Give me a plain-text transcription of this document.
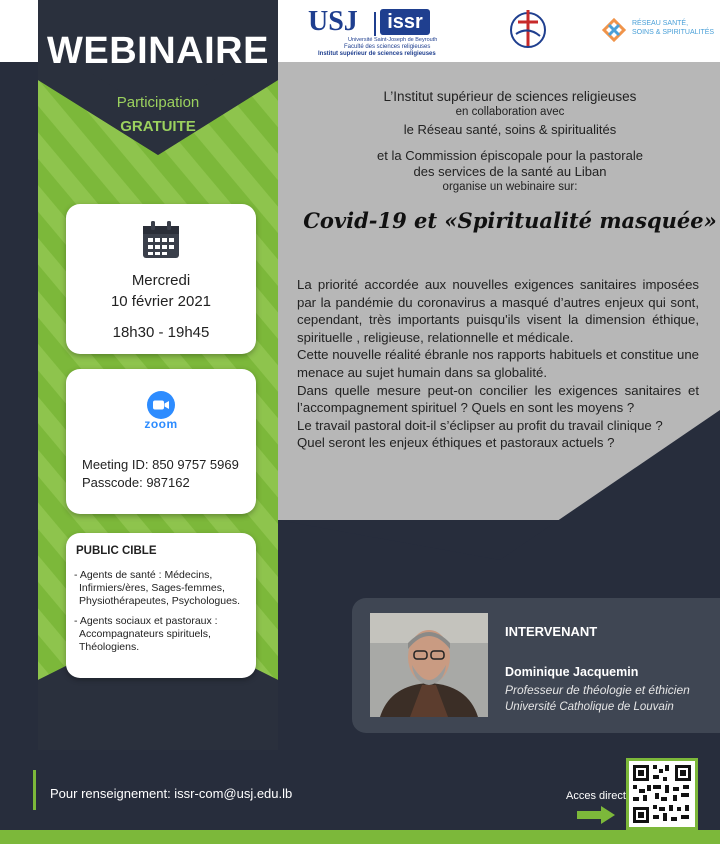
WEBINAIRE
Participation
GRATUITE
Mercredi
10 février 2021
18h30 - 19h45
zoom
Meeting ID: 850 9757 5969
Passcode: 987162
PUBLIC CIBLE
- Agents de santé : Médecins,
Infirmiers/ères, Sages-femmes,
Physiothérapeutes, Psychologues.
- Agents sociaux et pastoraux :
Accompagnateurs spirituels,
Théologiens.
USJ	issr
Université Saint-Joseph de Beyrouth
Faculté des sciences religieuses
Institut supérieur de sciences religieuses
RÉSEAU SANTÉ,
SOINS & SPIRITUALITÉS
L’Institut supérieur de sciences religieuses
en collaboration avec
le Réseau santé, soins & spiritualités
et la Commission épiscopale pour la pastorale
des services de la santé au Liban
organise un webinaire sur:
Covid-19 et «Spiritualité masquée»

La priorité accordée aux nouvelles exigences sanitaires imposées par la pandémie du coronavirus a masqué d’autres enjeux qui sont, cependant, très importants puisqu'ils visent la dimension éthique, spirituelle , religieuse, relationnelle et médicale.

Cette nouvelle réalité ébranle nos rapports habituels et constitue une menace au sujet humain dans sa globalité.

Dans quelle mesure peut-on concilier les exigences sanitaires et l’accompagnement spirituel ? Quels en sont les moyens ?

Le travail pastoral doit-il s’éclipser au profit du travail clinique ?

Quel seront les enjeux éthiques et pastoraux actuels ?

INTERVENANT
Dominique Jacquemin
Professeur de théologie et éthicien
Université Catholique de Louvain
Pour renseignement: issr-com@usj.edu.lb	Acces direct
